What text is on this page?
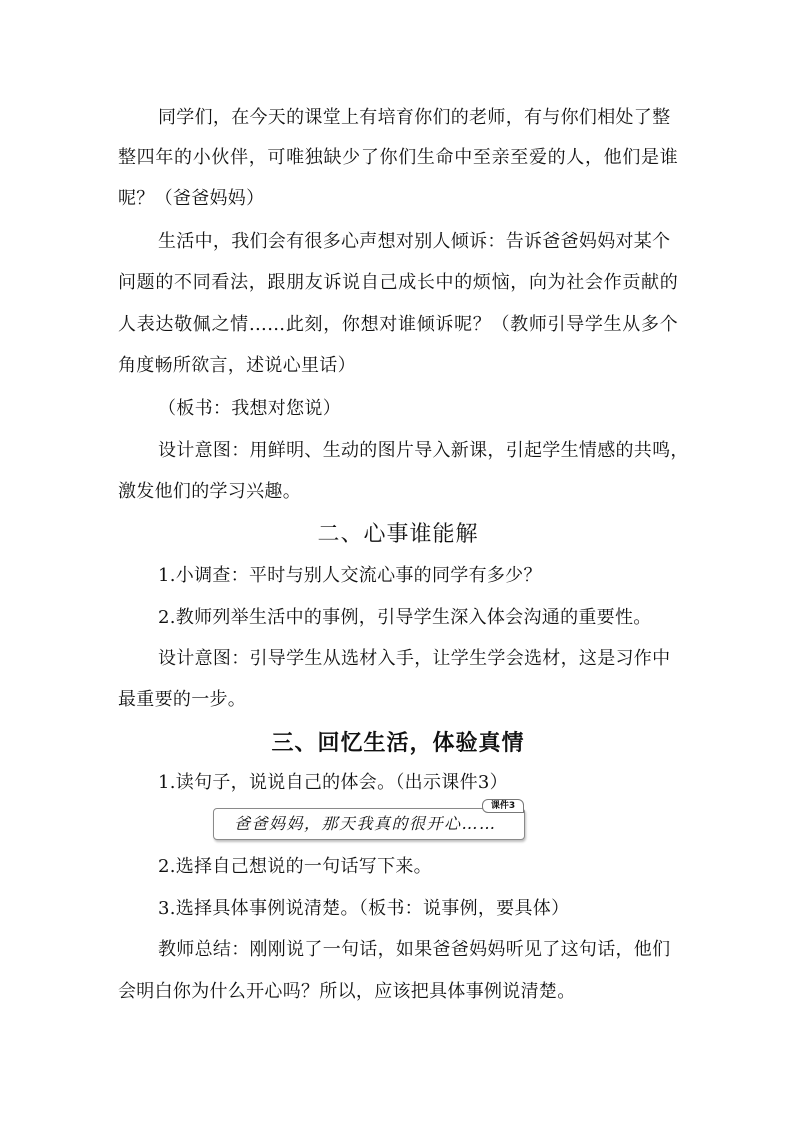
同学们，在今天的课堂上有培育你们的老师，有与你们相处了整
整四年的小伙伴，可唯独缺少了你们生命中至亲至爱的人，他们是谁
呢？（爸爸妈妈）
生活中，我们会有很多心声想对别人倾诉：告诉爸爸妈妈对某个
问题的不同看法，跟朋友诉说自己成长中的烦恼，向为社会作贡献的
人表达敬佩之情……此刻，你想对谁倾诉呢？（教师引导学生从多个
角度畅所欲言，述说心里话）
（板书：我想对您说）
设计意图：用鲜明、生动的图片导入新课，引起学生情感的共鸣，
激发他们的学习兴趣。
二、心事谁能解
1.小调查：平时与别人交流心事的同学有多少？
2.教师列举生活中的事例，引导学生深入体会沟通的重要性。
设计意图：引导学生从选材入手，让学生学会选材，这是习作中
最重要的一步。
三、回忆生活，体验真情
1.读句子，说说自己的体会。（出示课件3）
爸爸妈妈，那天我真的很开心……
课件3
2.选择自己想说的一句话写下来。
3.选择具体事例说清楚。（板书：说事例，要具体）
教师总结：刚刚说了一句话，如果爸爸妈妈听见了这句话，他们
会明白你为什么开心吗？所以，应该把具体事例说清楚。
